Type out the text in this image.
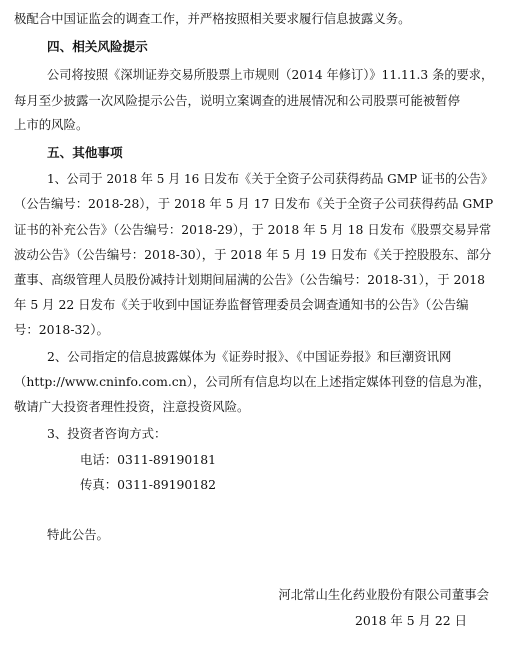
极配合中国证监会的调查工作，并严格按照相关要求履行信息披露义务。

四、相关风险提示

公司将按照《深圳证券交易所股票上市规则（2014 年修订）》11.11.3 条的要求，

每月至少披露一次风险提示公告，说明立案调查的进展情况和公司股票可能被暂停

上市的风险。

五、其他事项

1、公司于 2018 年 5 月 16 日发布《关于全资子公司获得药品 GMP 证书的公告》

（公告编号：2018-28），于 2018 年 5 月 17 日发布《关于全资子公司获得药品 GMP

证书的补充公告》（公告编号：2018-29），于 2018 年 5 月 18 日发布《股票交易异常

波动公告》（公告编号：2018-30），于 2018 年 5 月 19 日发布《关于控股股东、部分

董事、高级管理人员股份减持计划期间届满的公告》（公告编号：2018-31），于 2018

年 5 月 22 日发布《关于收到中国证券监督管理委员会调查通知书的公告》（公告编

号：2018-32）。

2、公司指定的信息披露媒体为《证券时报》、《中国证券报》和巨潮资讯网

（http://www.cninfo.com.cn），公司所有信息均以在上述指定媒体刊登的信息为准，

敬请广大投资者理性投资，注意投资风险。

3、投资者咨询方式：

电话：0311-89190181

传真：0311-89190182

特此公告。

河北常山生化药业股份有限公司董事会

2018 年 5 月 22 日
